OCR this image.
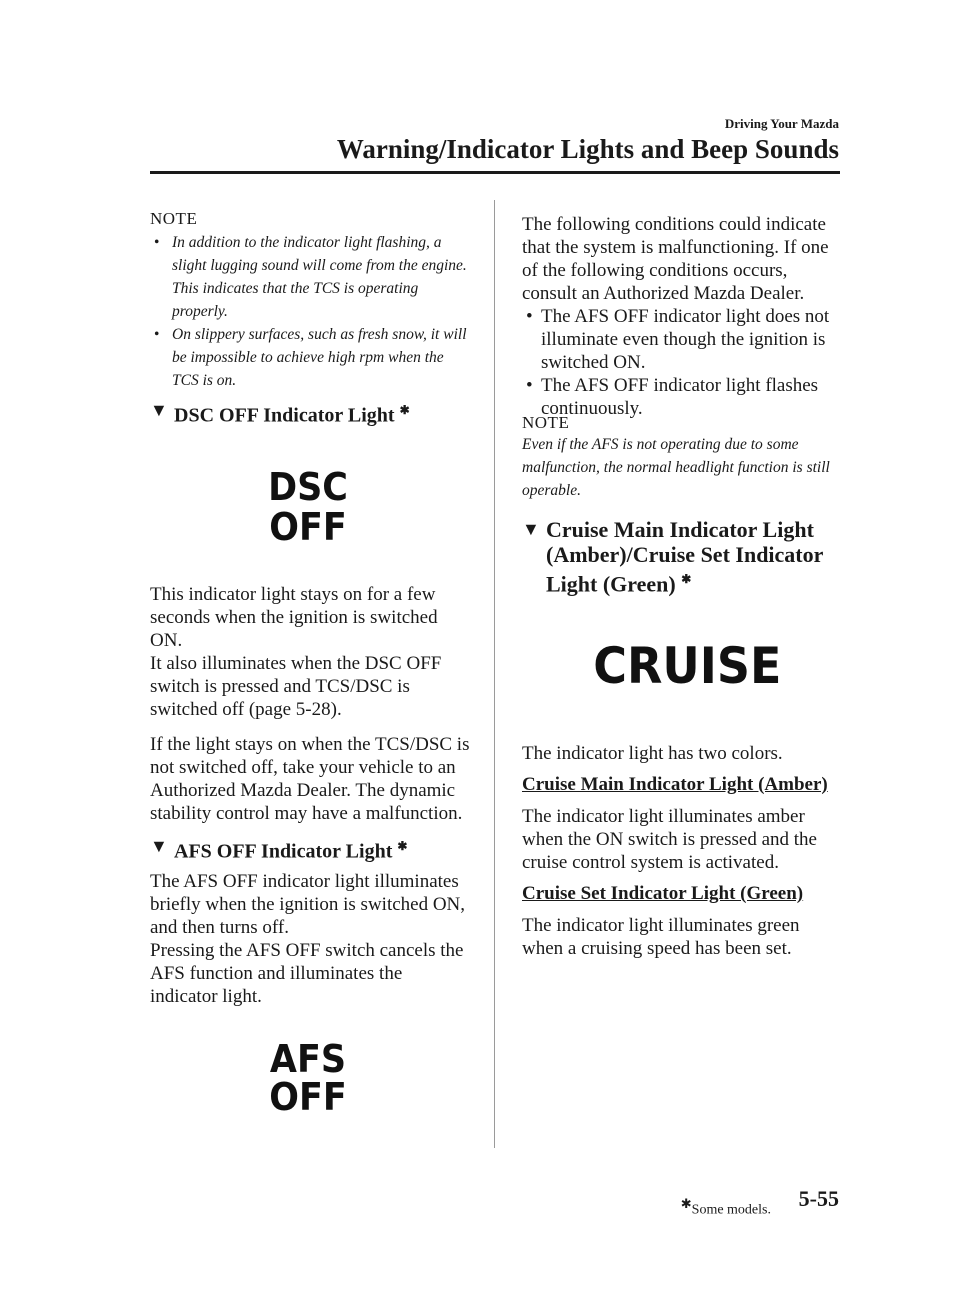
Driving Your Mazda
Warning/Indicator Lights and Beep Sounds
NOTE
• In addition to the indicator light flashing, a slight lugging sound will come from the engine. This indicates that the TCS is operating properly.
• On slippery surfaces, such as fresh snow, it will be impossible to achieve high rpm when the TCS is on.

▼ DSC OFF Indicator Light ✱

DSC
OFF

This indicator light stays on for a few seconds when the ignition is switched ON.

It also illuminates when the DSC OFF switch is pressed and TCS/DSC is switched off (page 5-28).

If the light stays on when the TCS/DSC is not switched off, take your vehicle to an Authorized Mazda Dealer. The dynamic stability control may have a malfunction.

▼ AFS OFF Indicator Light ✱

The AFS OFF indicator light illuminates briefly when the ignition is switched ON, and then turns off.

Pressing the AFS OFF switch cancels the AFS function and illuminates the indicator light.

AFS
OFF

The following conditions could indicate that the system is malfunctioning. If one of the following conditions occurs, consult an Authorized Mazda Dealer.

• The AFS OFF indicator light does not illuminate even though the ignition is switched ON.
• The AFS OFF indicator light flashes continuously.
NOTE

Even if the AFS is not operating due to some malfunction, the normal headlight function is still operable.

▼ Cruise Main Indicator Light
(Amber)/Cruise Set Indicator
Light (Green) ✱

CRUISE

The indicator light has two colors.

Cruise Main Indicator Light (Amber)

The indicator light illuminates amber when the ON switch is pressed and the cruise control system is activated.

Cruise Set Indicator Light (Green)

The indicator light illuminates green when a cruising speed has been set.

✱Some models. 5-55
